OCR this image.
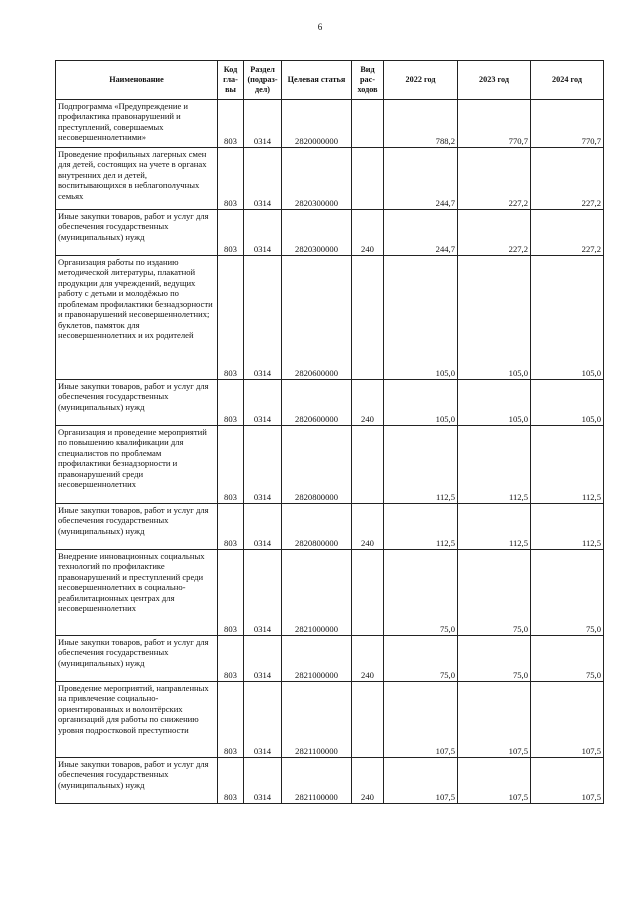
6
Наименование	Код гла- вы	Раздел (подраз- дел)	Целевая статья	Вид рас- ходов	2022 год	2023 год	2024 год
Подпрограмма «Предупреждение и профилактика правонарушений и преступлений, совершаемых несовершеннолетними»	803	0314	2820000000		788,2	770,7	770,7
Проведение профильных лагерных смен для детей, состоящих на учете в органах внутренних дел и детей, воспитывающихся в неблагополучных семьях	803	0314	2820300000		244,7	227,2	227,2
Иные закупки товаров, работ и услуг для обеспечения государственных (муниципальных) нужд	803	0314	2820300000	240	244,7	227,2	227,2
Организация работы по изданию методической литературы, плакатной продукции для учреждений, ведущих работу с детьми и молодёжью по проблемам профилактики безнадзорности и правонарушений несовершеннолетних; буклетов, памяток для несовершеннолетних и их родителей	803	0314	2820600000		105,0	105,0	105,0
Иные закупки товаров, работ и услуг для обеспечения государственных (муниципальных) нужд	803	0314	2820600000	240	105,0	105,0	105,0
Организация и проведение мероприятий по повышению квалификации для специалистов по проблемам профилактики безнадзорности и правонарушений среди несовершеннолетних	803	0314	2820800000		112,5	112,5	112,5
Иные закупки товаров, работ и услуг для обеспечения государственных (муниципальных) нужд	803	0314	2820800000	240	112,5	112,5	112,5
Внедрение инновационных социальных технологий по профилактике правонарушений и преступлений среди несовершеннолетних в социально-реабилитационных центрах для несовершеннолетних	803	0314	2821000000		75,0	75,0	75,0
Иные закупки товаров, работ и услуг для обеспечения государственных (муниципальных) нужд	803	0314	2821000000	240	75,0	75,0	75,0
Проведение мероприятий, направленных на привлечение социально-ориентированных и волонтёрских организаций для работы по снижению уровня подростковой преступности	803	0314	2821100000		107,5	107,5	107,5
Иные закупки товаров, работ и услуг для обеспечения государственных (муниципальных) нужд	803	0314	2821100000	240	107,5	107,5	107,5
